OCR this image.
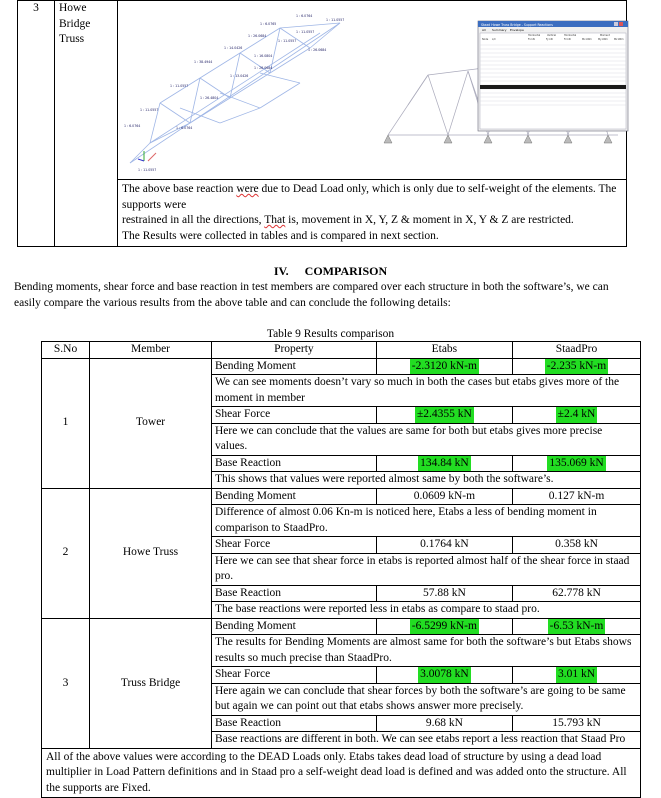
3	Howe
Bridge
Truss

1 : 6.0764
1 : 11.0557
1 : 6.0765
1 : 11.0557
1 : 26.0684
1 : 11.0557
1 : 14.0426
1 : 16.0804
1 : 38.4944
1 : 26.0684
1 : 13.0426
1 : 11.0557
1 : 26.4804
1 : 11.0557
1 : 6.0764	1 : 6.0764
1 : 26.0684
1 : 11.0557
Staad Howe Truss Bridge - Support Reactions
All Summary Envelope
Horizontal	Vertical	Horizontal	Moment
Node L/C	Fx kN	Fy kN	Fz kN	Mx kNm	My kNm	Mz kNm

The above base reaction were due to Dead Load only, which is only due to self-weight of the elements. The supports were

restrained in all the directions, That is, movement in X, Y, Z & moment in X, Y & Z are restricted.

The Results were collected in tables and is compared in next section.

IV. COMPARISON

Bending moments, shear force and base reaction in test members are compared over each structure in both the software’s, we can easily compare the various results from the above table and can conclude the following details:

Table 9 Results comparison
S.No	Member	Property	Etabs	StaadPro
1	Tower	Bending Moment	-2.3120 kN-m	-2.235 kN-m
		We can see moments doesn’t vary so much in both the cases but etabs gives more of the moment in member		
		Shear Force	±2.4355 kN	±2.4 kN
		Here we can conclude that the values are same for both but etabs gives more precise values.		
		Base Reaction	134.84 kN	135.069 kN
		This shows that values were reported almost same by both the software’s.		
2	Howe Truss	Bending Moment	0.0609 kN-m	0.127 kN-m
		Difference of almost 0.06 Kn-m is noticed here, Etabs a less of bending moment in comparison to StaadPro.		
		Shear Force	0.1764 kN	0.358 kN
		Here we can see that shear force in etabs is reported almost half of the shear force in staad pro.		
		Base Reaction	57.88 kN	62.778 kN
		The base reactions were reported less in etabs as compare to staad pro.		
3	Truss Bridge	Bending Moment	-6.5299 kN-m	-6.53 kN-m
		The results for Bending Moments are almost same for both the software’s but Etabs shows results so much precise than StaadPro.		
		Shear Force	3.0078 kN	3.01 kN
		Here again we can conclude that shear forces by both the software’s are going to be same but again we can point out that etabs shows answer more precisely.		
		Base Reaction	9.68 kN	15.793 kN
		Base reactions are different in both. We can see etabs report a less reaction that Staad Pro		
All of the above values were according to the DEAD Loads only. Etabs takes dead load of structure by using a dead load multiplier in Load Pattern definitions and in Staad pro a self-weight dead load is defined and was added onto the structure. All the supports are Fixed.				
